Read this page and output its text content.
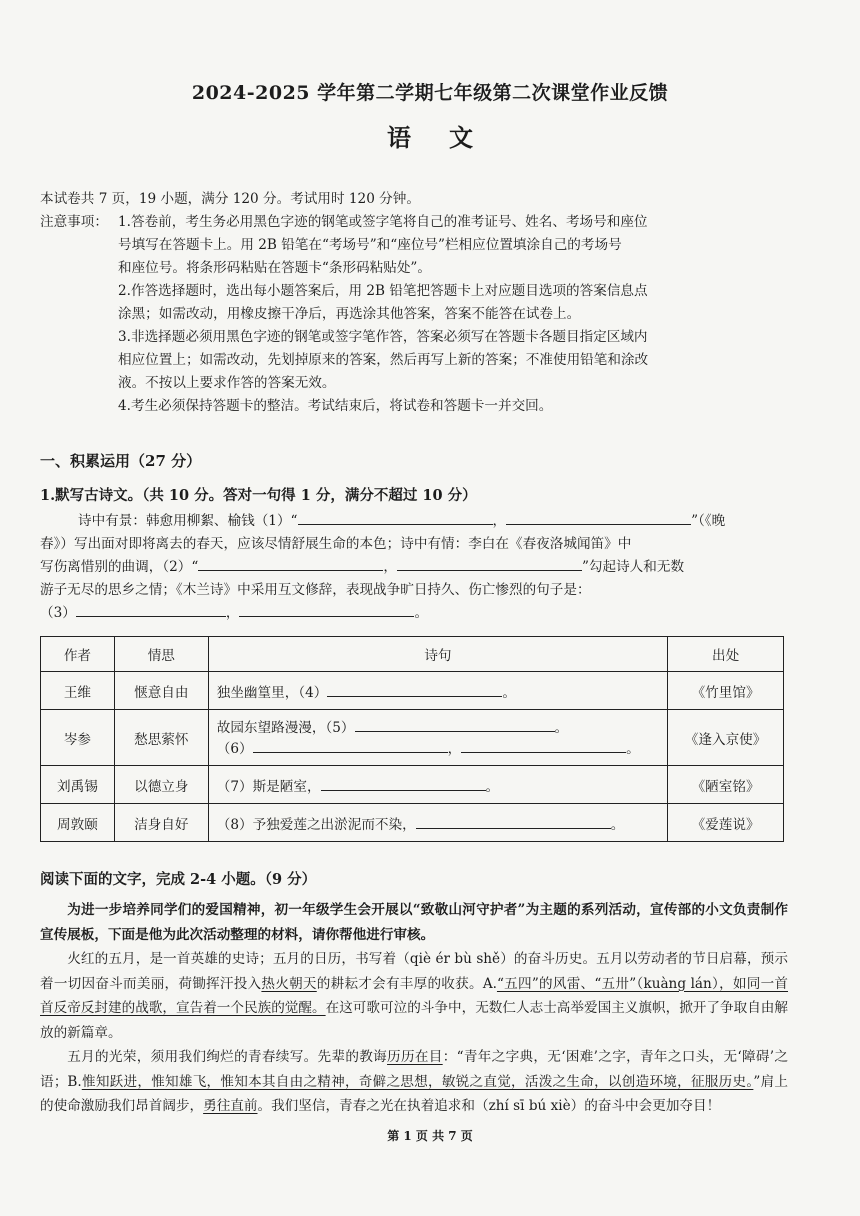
2024-2025 学年第二学期七年级第二次课堂作业反馈
语文
本试卷共 7 页，19 小题，满分 120 分。考试用时 120 分钟。
注意事项： 1.答卷前，考生务必用黑色字迹的钢笔或签字笔将自己的准考证号、姓名、考场号和座位
号填写在答题卡上。用 2B 铅笔在“考场号”和“座位号”栏相应位置填涂自己的考场号
和座位号。将条形码粘贴在答题卡“条形码粘贴处”。
2.作答选择题时，选出每小题答案后，用 2B 铅笔把答题卡上对应题目选项的答案信息点
涂黑；如需改动，用橡皮擦干净后，再选涂其他答案，答案不能答在试卷上。
3.非选择题必须用黑色字迹的钢笔或签字笔作答，答案必须写在答题卡各题目指定区域内
相应位置上；如需改动，先划掉原来的答案，然后再写上新的答案；不准使用铅笔和涂改
液。不按以上要求作答的答案无效。
4.考生必须保持答题卡的整洁。考试结束后，将试卷和答题卡一并交回。
一、积累运用（27 分）
1.默写古诗文。（共 10 分。答对一句得 1 分，满分不超过 10 分）
诗中有景：韩愈用柳絮、榆钱（1）“	，	”（《晚
春》）写出面对即将离去的春天，应该尽情舒展生命的本色；诗中有情：李白在《春夜洛城闻笛》中
写伤离惜别的曲调，（2）“	，	”勾起诗人和无数
游子无尽的思乡之情；《木兰诗》中采用互文修辞，表现战争旷日持久、伤亡惨烈的句子是：
（3）	，	。
作者	情思	诗句	出处
王维	惬意自由	独坐幽篁里，（4） 。	《竹里馆》
岑参	愁思萦怀	故园东望路漫漫，（5） 。
（6） ， 。	《逢入京使》
刘禹锡	以德立身	（7）斯是陋室， 。	《陋室铭》
周敦颐	洁身自好	（8）予独爱莲之出淤泥而不染， 。	《爱莲说》
阅读下面的文字，完成 2-4 小题。（9 分）
为进一步培养同学们的爱国精神，初一年级学生会开展以“致敬山河守护者”为主题的系列活动，宣传部的小文负责制作宣传展板，下面是他为此次活动整理的材料，请你帮他进行审核。
火红的五月，是一首英雄的史诗；五月的日历，书写着（qiè ér bù shě）的奋斗历史。五月以劳动者的节日启幕，预示着一切因奋斗而美丽，荷锄挥汗投入热火朝天的耕耘才会有丰厚的收获。A.“五四”的风雷、“五卅”（kuàng lán），如同一首首反帝反封建的战歌，宣告着一个民族的觉醒。在这可歌可泣的斗争中，无数仁人志士高举爱国主义旗帜，掀开了争取自由解放的新篇章。
五月的光荣，须用我们绚烂的青春续写。先辈的教诲历历在目：“青年之字典，无‘困难’之字，青年之口头，无‘障碍’之语；B.惟知跃进，惟知雄飞，惟知本其自由之精神，奇僻之思想，敏锐之直觉，活泼之生命，以创造环境，征服历史。”肩上的使命激励我们昂首阔步，勇往直前。我们坚信，青春之光在执着追求和（zhí sī bú xiè）的奋斗中会更加夺目！
第 1 页 共 7 页
